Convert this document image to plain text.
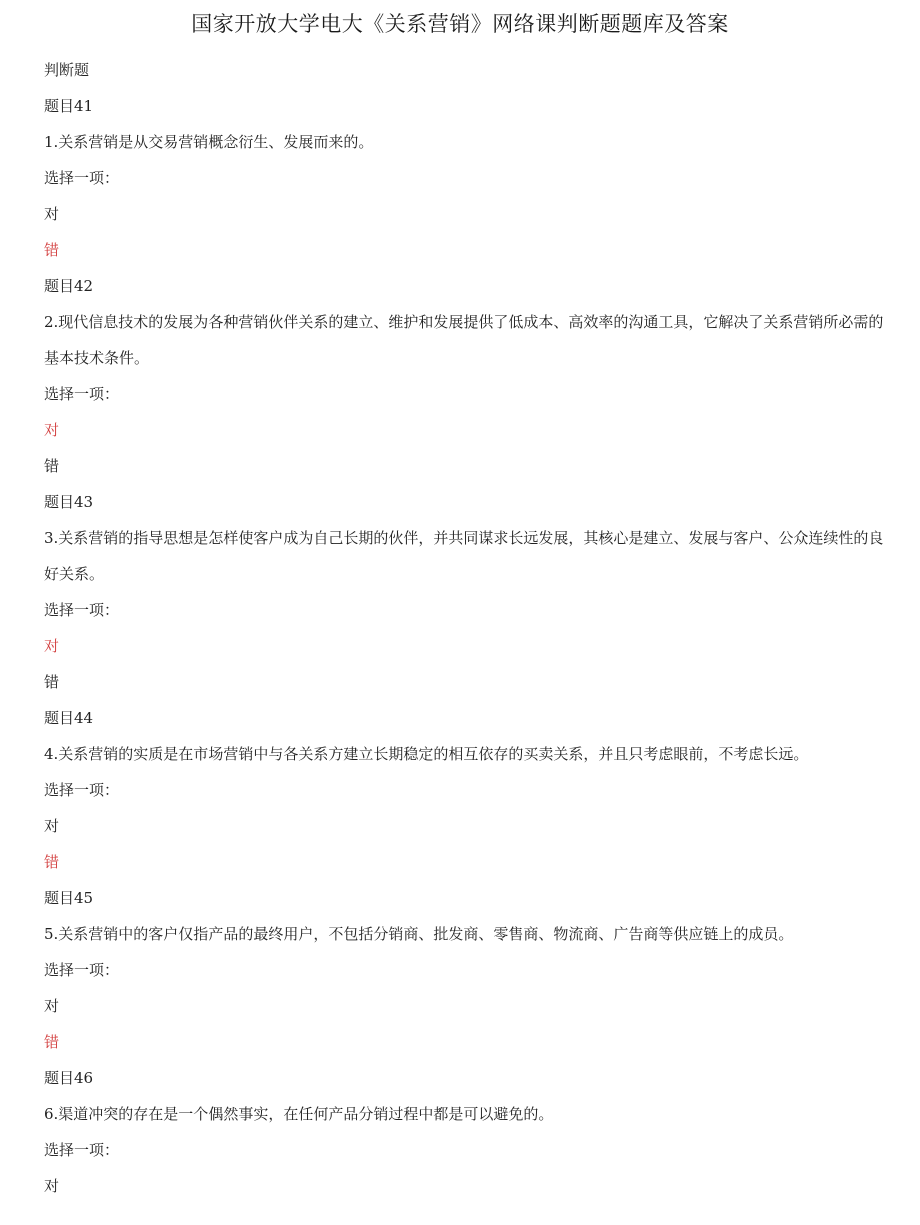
国家开放大学电大《关系营销》网络课判断题题库及答案
判断题
题目41

1.关系营销是从交易营销概念衍生、发展而来的。

选择一项：
对
错
题目42

2.现代信息技术的发展为各种营销伙伴关系的建立、维护和发展提供了低成本、高效率的沟通工具，它解决了关系营销所必需的基本技术条件。

选择一项：
对
错
题目43

3.关系营销的指导思想是怎样使客户成为自己长期的伙伴，并共同谋求长远发展，其核心是建立、发展与客户、公众连续性的良好关系。

选择一项：
对
错
题目44

4.关系营销的实质是在市场营销中与各关系方建立长期稳定的相互依存的买卖关系，并且只考虑眼前，不考虑长远。

选择一项：
对
错
题目45

5.关系营销中的客户仅指产品的最终用户，不包括分销商、批发商、零售商、物流商、广告商等供应链上的成员。

选择一项：
对
错
题目46

6.渠道冲突的存在是一个偶然事实，在任何产品分销过程中都是可以避免的。

选择一项：
对
